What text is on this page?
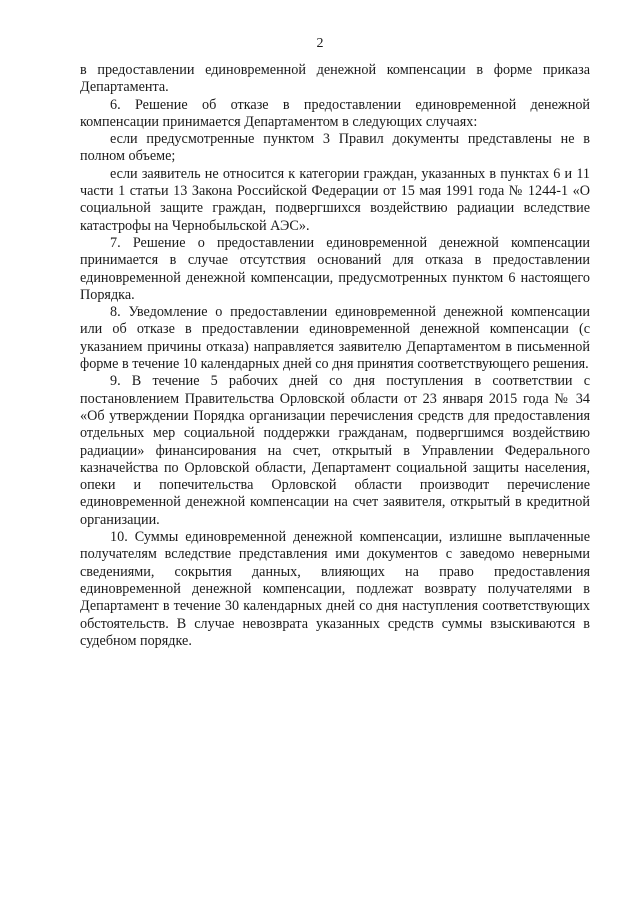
2

в предоставлении единовременной денежной компенсации в форме приказа Департамента.

6. Решение об отказе в предоставлении единовременной денежной компенсации принимается Департаментом в следующих случаях:

если предусмотренные пунктом 3 Правил документы представлены не в полном объеме;

если заявитель не относится к категории граждан, указанных в пунктах 6 и 11 части 1 статьи 13 Закона Российской Федерации от 15 мая 1991 года № 1244-1 «О социальной защите граждан, подвергшихся воздействию радиации вследствие катастрофы на Чернобыльской АЭС».

7. Решение о предоставлении единовременной денежной компенсации принимается в случае отсутствия оснований для отказа в предоставлении единовременной денежной компенсации, предусмотренных пунктом 6 настоящего Порядка.

8. Уведомление о предоставлении единовременной денежной компенсации или об отказе в предоставлении единовременной денежной компенсации (с указанием причины отказа) направляется заявителю Департаментом в письменной форме в течение 10 календарных дней со дня принятия соответствующего решения.

9. В течение 5 рабочих дней со дня поступления в соответствии с постановлением Правительства Орловской области от 23 января 2015 года № 34 «Об утверждении Порядка организации перечисления средств для предоставления отдельных мер социальной поддержки гражданам, подвергшимся воздействию радиации» финансирования на счет, открытый в Управлении Федерального казначейства по Орловской области, Департамент социальной защиты населения, опеки и попечительства Орловской области производит перечисление единовременной денежной компенсации на счет заявителя, открытый в кредитной организации.

10. Суммы единовременной денежной компенсации, излишне выплаченные получателям вследствие представления ими документов с заведомо неверными сведениями, сокрытия данных, влияющих на право предоставления единовременной денежной компенсации, подлежат возврату получателями в Департамент в течение 30 календарных дней со дня наступления соответствующих обстоятельств. В случае невозврата указанных средств суммы взыскиваются в судебном порядке.
